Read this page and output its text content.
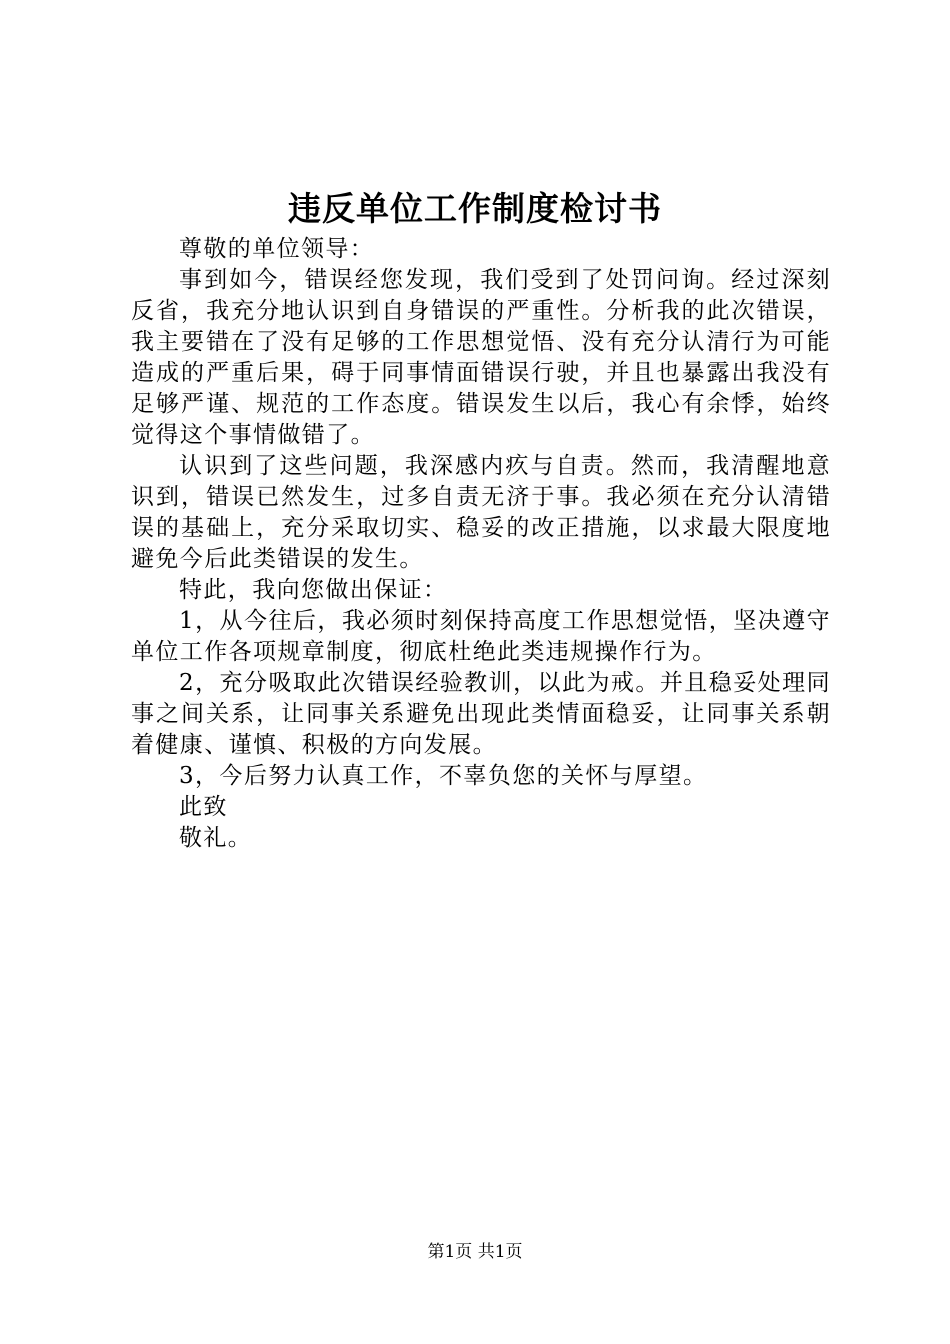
违反单位工作制度检讨书

尊敬的单位领导：

事到如今，错误经您发现，我们受到了处罚问询。经过深刻反省，我充分地认识到自身错误的严重性。分析我的此次错误，我主要错在了没有足够的工作思想觉悟、没有充分认清行为可能造成的严重后果，碍于同事情面错误行驶，并且也暴露出我没有足够严谨、规范的工作态度。错误发生以后，我心有余悸，始终觉得这个事情做错了。

认识到了这些问题，我深感内疚与自责。然而，我清醒地意识到，错误已然发生，过多自责无济于事。我必须在充分认清错误的基础上，充分采取切实、稳妥的改正措施，以求最大限度地避免今后此类错误的发生。

特此，我向您做出保证：

1，从今往后，我必须时刻保持高度工作思想觉悟，坚决遵守单位工作各项规章制度，彻底杜绝此类违规操作行为。

2，充分吸取此次错误经验教训，以此为戒。并且稳妥处理同事之间关系，让同事关系避免出现此类情面稳妥，让同事关系朝着健康、谨慎、积极的方向发展。

3，今后努力认真工作，不辜负您的关怀与厚望。

此致

敬礼。

第1页 共1页
